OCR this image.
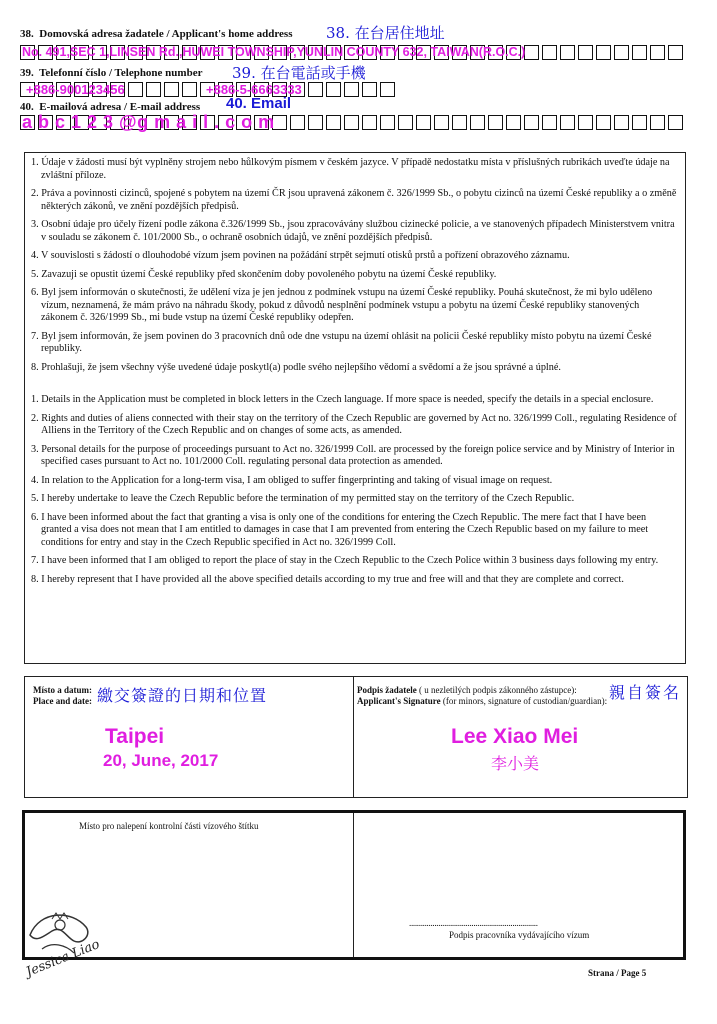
38. Domovská adresa žadatele / Applicant's home address 38. 在台居住地址
No. 491,SEC 1,LINSEN Rd.,HUWEI TOWNSHIP,YUNLIN COUNTY 632, TAIWAN(R.O.C.)
39. Telefonní číslo / Telephone number 39. 在台電話或手機
+886-900123456	+886-5-6663333
40. E-mailová adresa / E-mail address 40. Email
a b c 1 2 3 @g m a i l . c o m
1. Údaje v žádosti musí být vyplněny strojem nebo hůlkovým písmem v českém jazyce. V případě nedostatku místa v příslušných rubrikách uveďte údaje na zvláštní příloze.
2. Práva a povinnosti cizinců, spojené s pobytem na území ČR jsou upravená zákonem č. 326/1999 Sb., o pobytu cizinců na území České republiky a o změně některých zákonů, ve znění pozdějších předpisů.
3. Osobní údaje pro účely řízení podle zákona č.326/1999 Sb., jsou zpracovávány službou cizinecké policie, a ve stanovených případech Ministerstvem vnitra v souladu se zákonem č. 101/2000 Sb., o ochraně osobních údajů, ve znění pozdějších předpisů.
4. V souvislosti s žádostí o dlouhodobé vízum jsem povinen na požádání strpět sejmutí otisků prstů a pořízení obrazového záznamu.
5. Zavazuji se opustit území České republiky před skončením doby povoleného pobytu na území České republiky.
6. Byl jsem informován o skutečnosti, že udělení víza je jen jednou z podmínek vstupu na území České republiky. Pouhá skutečnost, že mi bylo uděleno vízum, neznamená, že mám právo na náhradu škody, pokud z důvodů nesplnění podmínek vstupu a pobytu na území České republiky stanovených zákonem č. 326/1999 Sb., mi bude vstup na území České republiky odepřen.
7. Byl jsem informován, že jsem povinen do 3 pracovních dnů ode dne vstupu na území ohlásit na policii České republiky místo pobytu na území České republiky.
8. Prohlašuji, že jsem všechny výše uvedené údaje poskytl(a) podle svého nejlepšího vědomí a svědomí a že jsou správné a úplné.
1. Details in the Application must be completed in block letters in the Czech language. If more space is needed, specify the details in a special enclosure.
2. Rights and duties of aliens connected with their stay on the territory of the Czech Republic are governed by Act no. 326/1999 Coll., regulating Residence of Alliens in the Territory of the Czech Republic and on changes of some acts, as amended.
3. Personal details for the purpose of proceedings pursuant to Act no. 326/1999 Coll. are processed by the foreign police service and by Ministry of Interior in specified cases pursuant to Act no. 101/2000 Coll. regulating personal data protection as amended.
4. In relation to the Application for a long-term visa, I am obliged to suffer fingerprinting and taking of visual image on request.
5. I hereby undertake to leave the Czech Republic before the termination of my permitted stay on the territory of the Czech Republic.
6. I have been informed about the fact that granting a visa is only one of the conditions for entering the Czech Republic. The mere fact that I have been granted a visa does not mean that I am entitled to damages in case that I am prevented from entering the Czech Republic based on my failure to meet conditions for entry and stay in the Czech Republic specified in Act no. 326/1999 Coll.
7. I have been informed that I am obliged to report the place of stay in the Czech Republic to the Czech Police within 3 business days following my entry.
8. I hereby represent that I have provided all the above specified details according to my true and free will and that they are complete and correct.
Místo a datum:
Place and date: 繳交簽證的日期和位置
Taipei
20, June, 2017
Podpis žadatele ( u nezletilých podpis zákonného zástupce):
Applicant's Signature (for minors, signature of custodian/guardian): 親自簽名
Lee Xiao Mei
李小美
Místo pro nalepení kontrolní části vízového štítku
..................................................................
Podpis pracovníka vydávajícího vízum
Jessica Liao	Strana / Page 5
